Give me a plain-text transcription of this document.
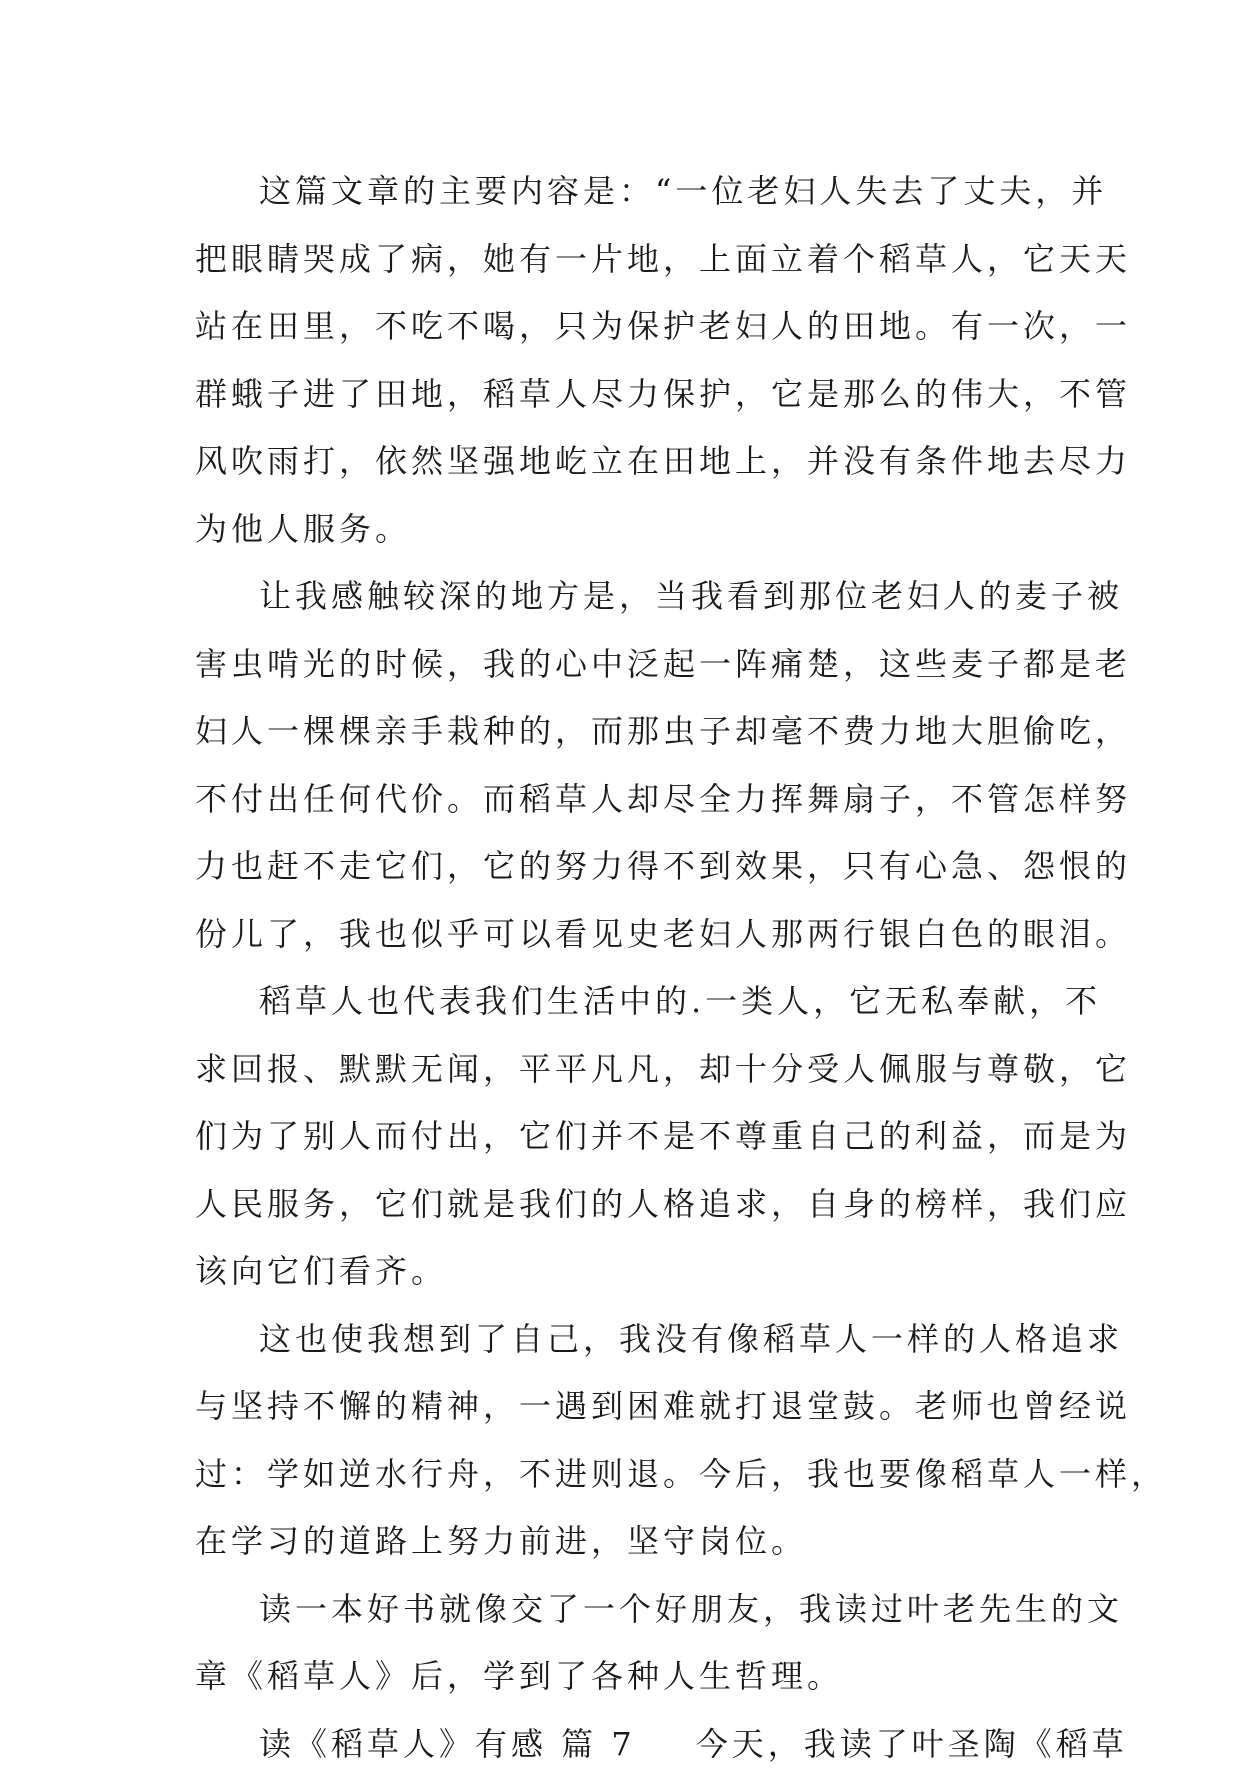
这篇文章的主要内容是：“一位老妇人失去了丈夫，并
把眼睛哭成了病，她有一片地，上面立着个稻草人，它天天
站在田里，不吃不喝，只为保护老妇人的田地。有一次，一
群蛾子进了田地，稻草人尽力保护，它是那么的伟大，不管
风吹雨打，依然坚强地屹立在田地上，并没有条件地去尽力
为他人服务。
让我感触较深的地方是，当我看到那位老妇人的麦子被
害虫啃光的时候，我的心中泛起一阵痛楚，这些麦子都是老
妇人一棵棵亲手栽种的，而那虫子却毫不费力地大胆偷吃，
不付出任何代价。而稻草人却尽全力挥舞扇子，不管怎样努
力也赶不走它们，它的努力得不到效果，只有心急、怨恨的
份儿了，我也似乎可以看见史老妇人那两行银白色的眼泪。
稻草人也代表我们生活中的.一类人，它无私奉献，不
求回报、默默无闻，平平凡凡，却十分受人佩服与尊敬，它
们为了别人而付出，它们并不是不尊重自己的利益，而是为
人民服务，它们就是我们的人格追求，自身的榜样，我们应
该向它们看齐。
这也使我想到了自己，我没有像稻草人一样的人格追求
与坚持不懈的精神，一遇到困难就打退堂鼓。老师也曾经说
过：学如逆水行舟，不进则退。今后，我也要像稻草人一样，
在学习的道路上努力前进，坚守岗位。
读一本好书就像交了一个好朋友，我读过叶老先生的文
章《稻草人》后，学到了各种人生哲理。
读《稻草人》有感 篇 7 今天，我读了叶圣陶《稻草
